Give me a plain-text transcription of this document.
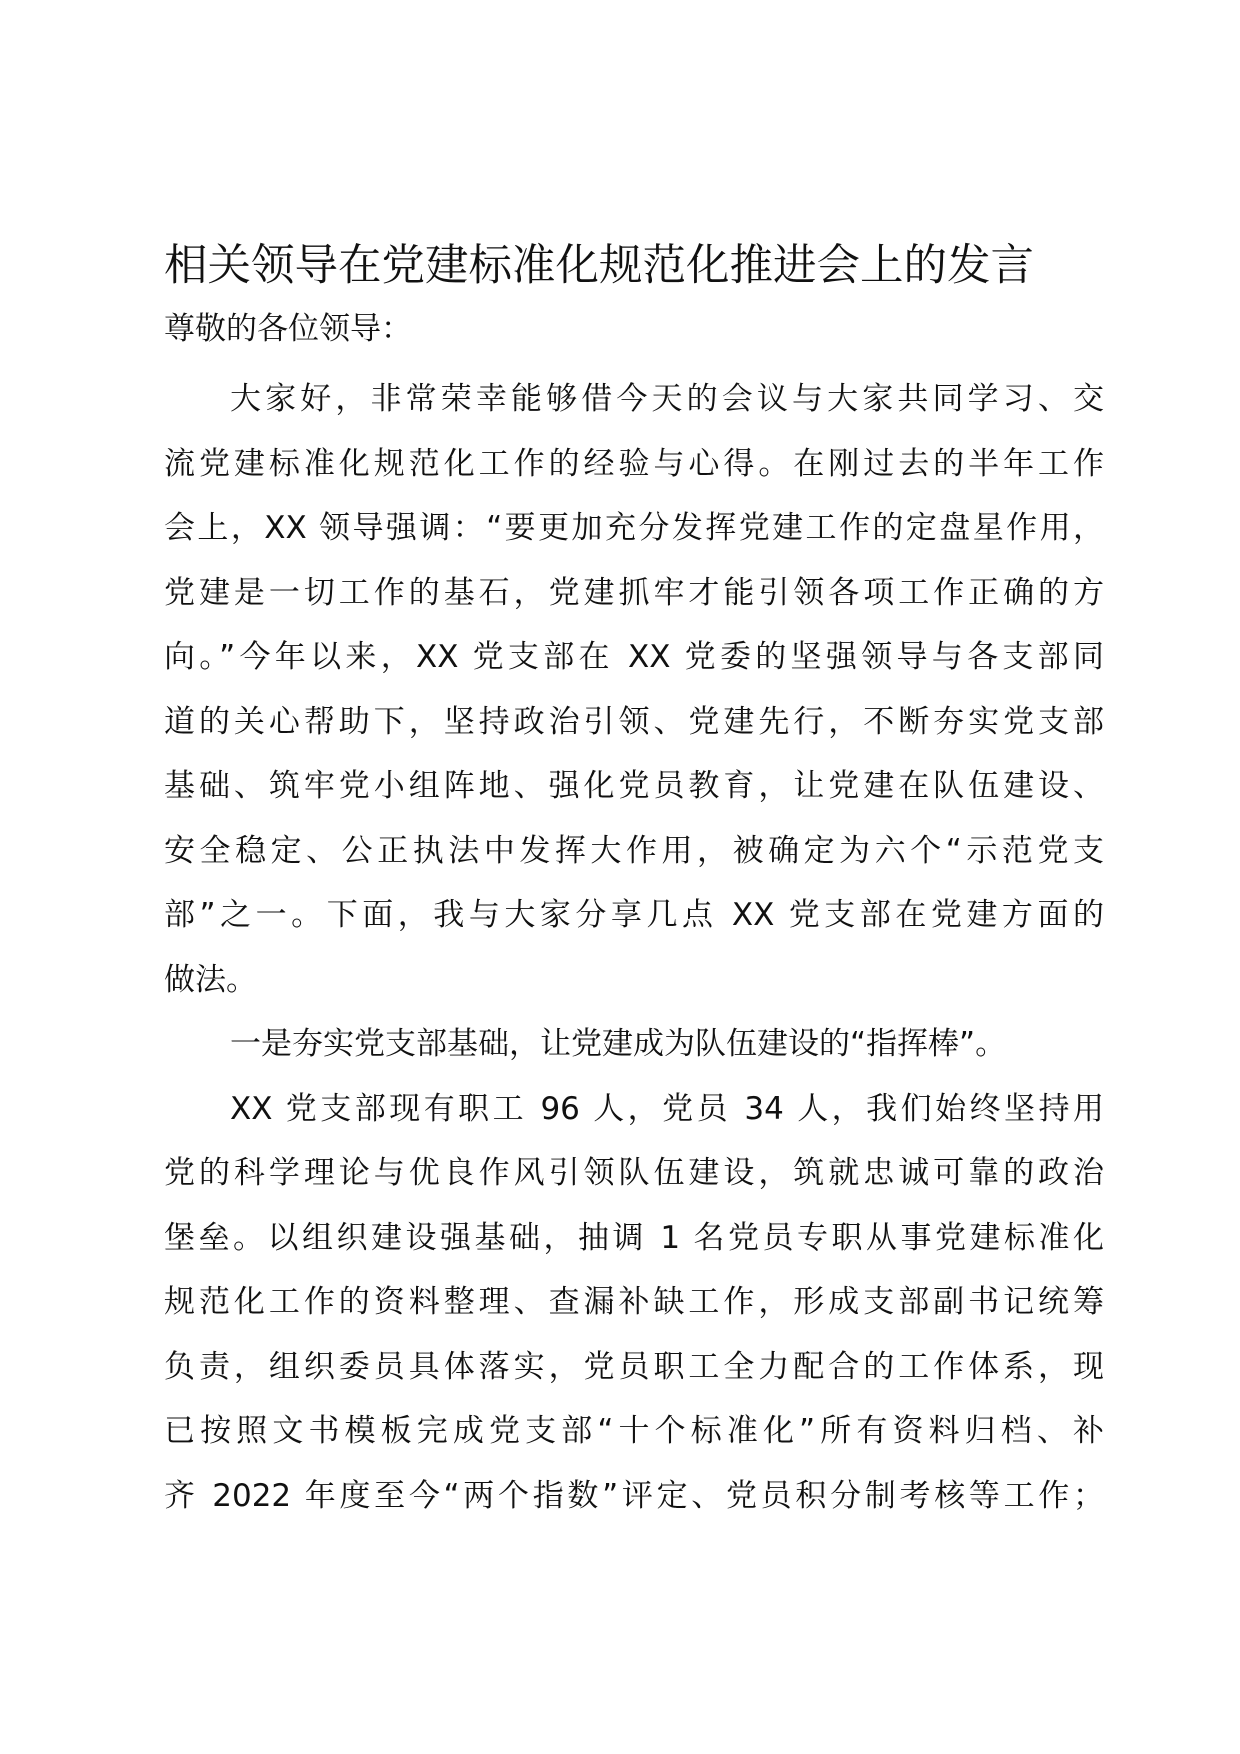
相关领导在党建标准化规范化推进会上的发言

尊敬的各位领导：

大家好，非常荣幸能够借今天的会议与大家共同学习、交
流党建标准化规范化工作的经验与心得。在刚过去的半年工作
会上，XX 领导强调：“要更加充分发挥党建工作的定盘星作用，
党建是一切工作的基石，党建抓牢才能引领各项工作正确的方
向。”今年以来，XX 党支部在 XX 党委的坚强领导与各支部同
道的关心帮助下，坚持政治引领、党建先行，不断夯实党支部
基础、筑牢党小组阵地、强化党员教育，让党建在队伍建设、
安全稳定、公正执法中发挥大作用，被确定为六个“示范党支
部”之一。下面，我与大家分享几点 XX 党支部在党建方面的
做法。
一是夯实党支部基础，让党建成为队伍建设的“指挥棒”。
XX 党支部现有职工 96 人，党员 34 人，我们始终坚持用
党的科学理论与优良作风引领队伍建设，筑就忠诚可靠的政治
堡垒。以组织建设强基础，抽调 1 名党员专职从事党建标准化
规范化工作的资料整理、查漏补缺工作，形成支部副书记统筹
负责，组织委员具体落实，党员职工全力配合的工作体系，现
已按照文书模板完成党支部“十个标准化”所有资料归档、补
齐 2022 年度至今“两个指数”评定、党员积分制考核等工作；
